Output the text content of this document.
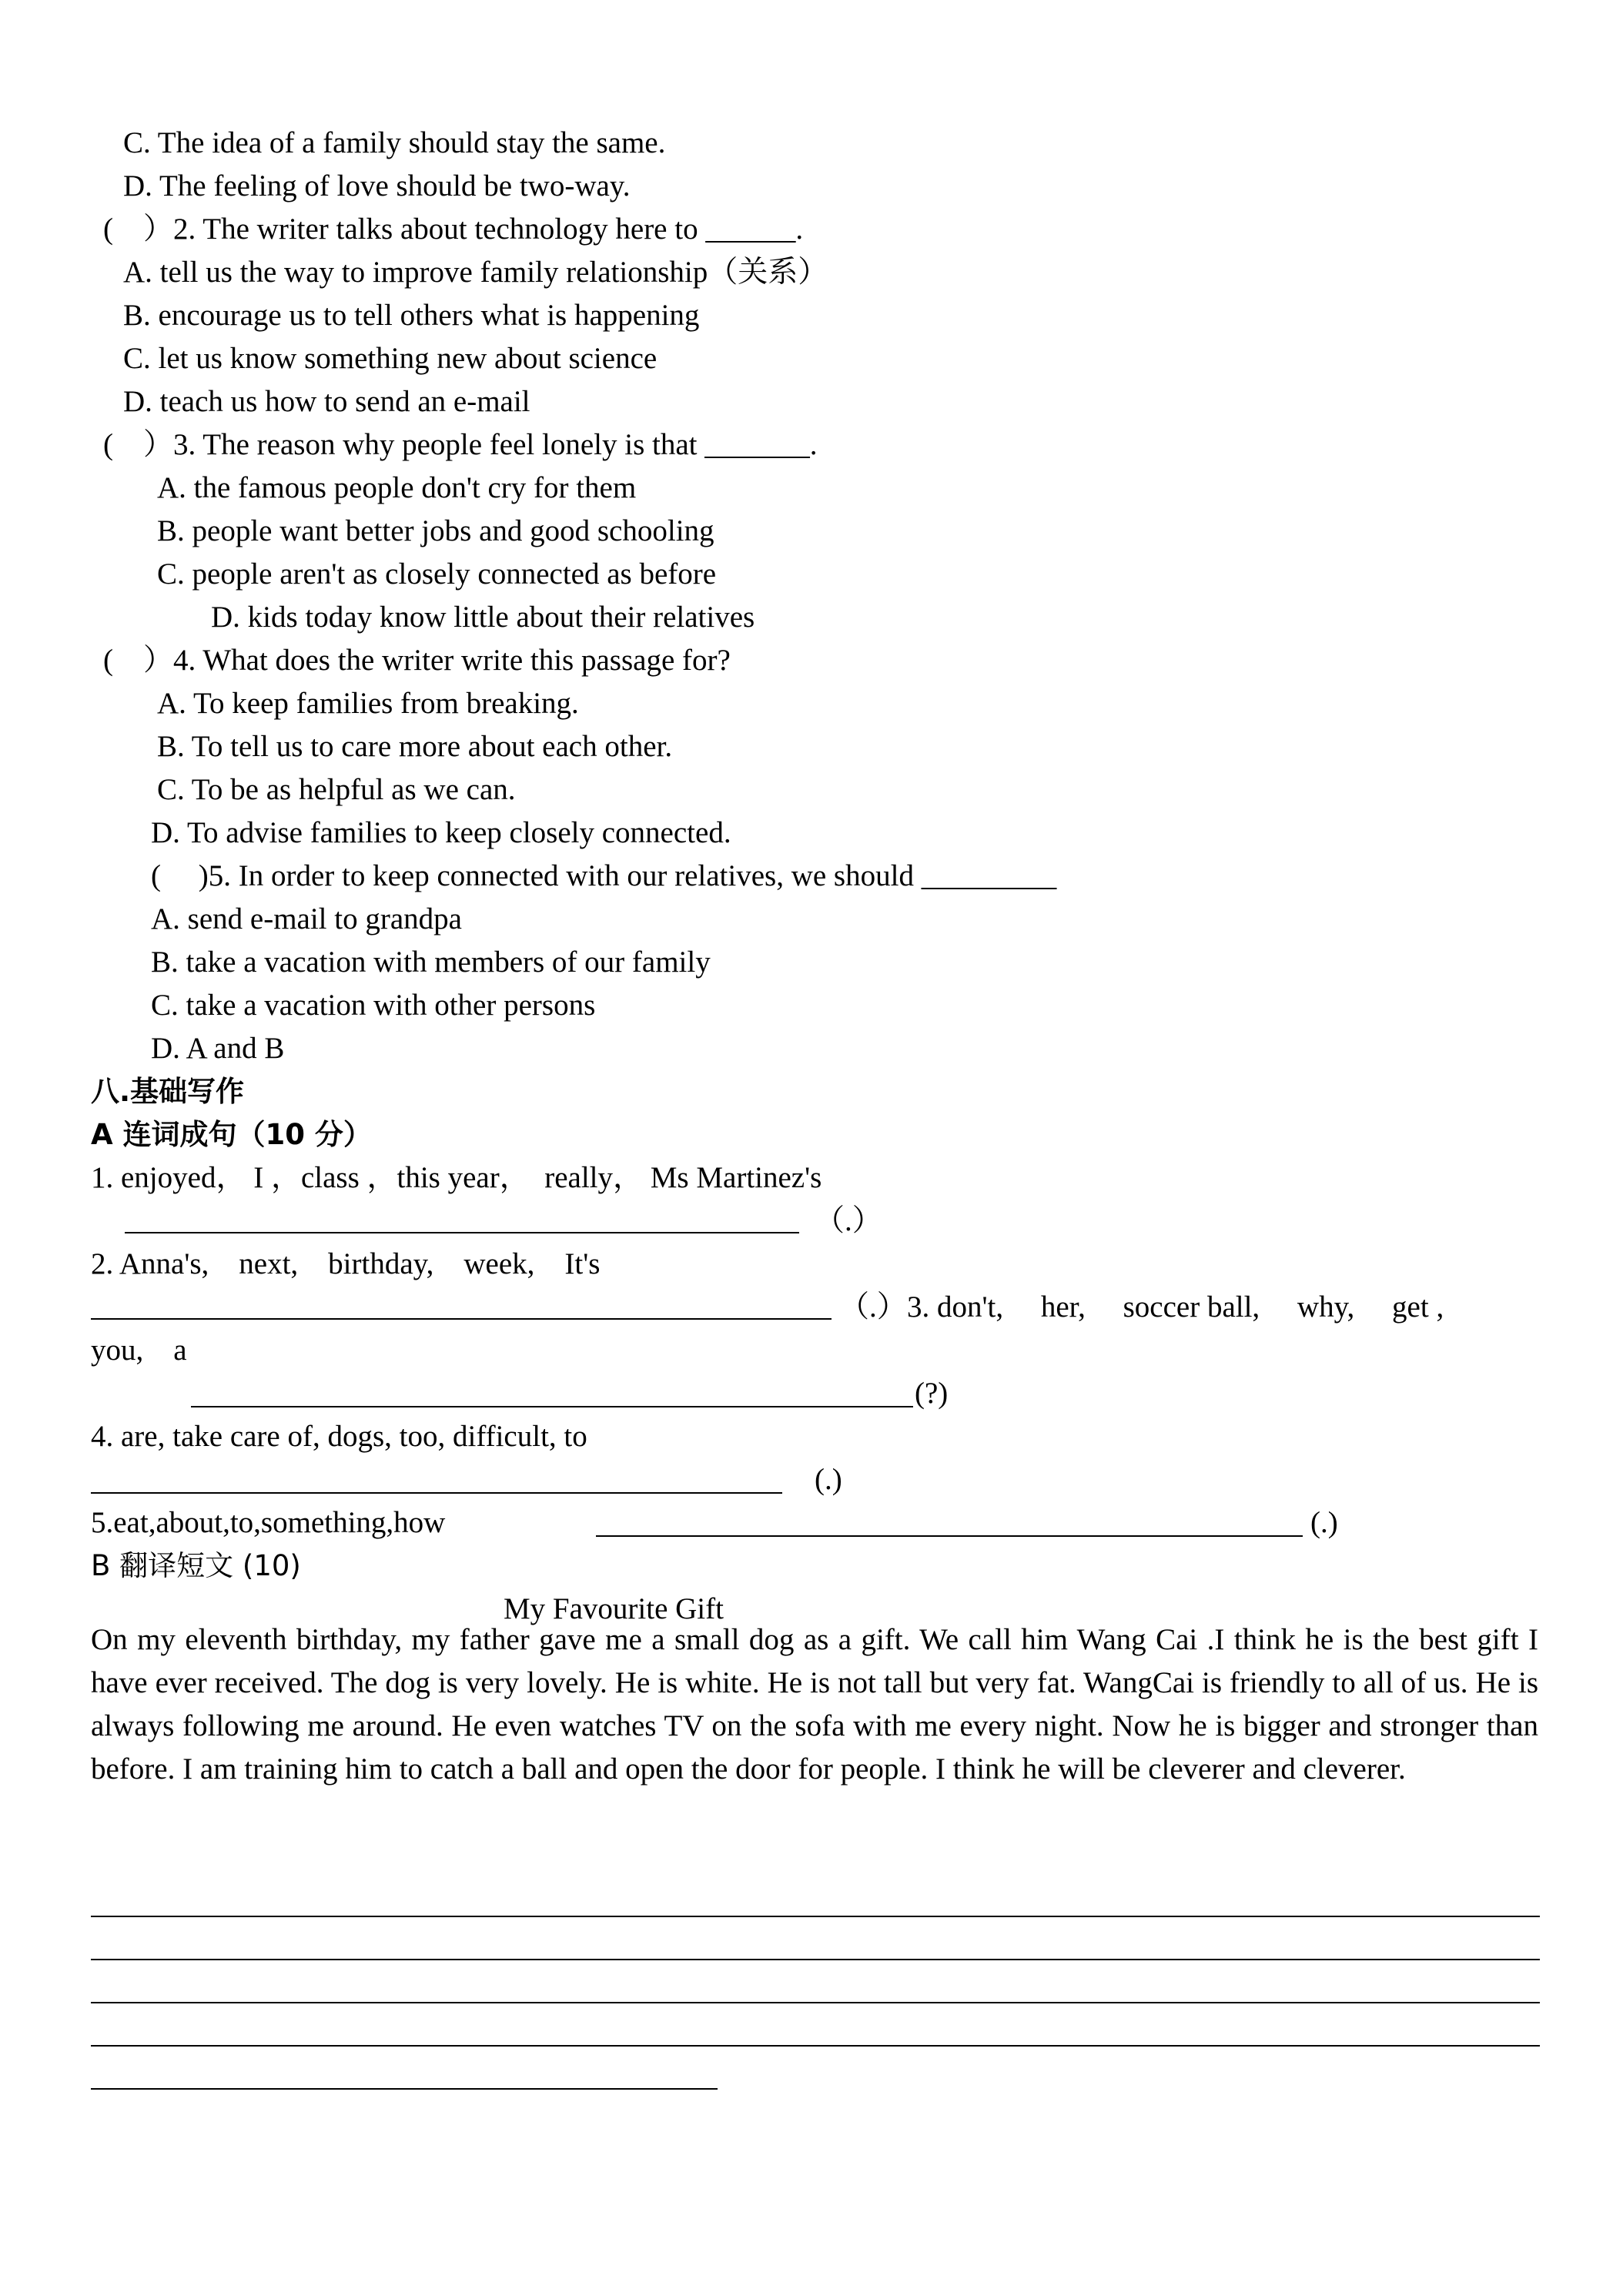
C. The idea of a family should stay the same.
D. The feeling of love should be two-way.
(　）2. The writer talks about technology here to ______.
A. tell us the way to improve family relationship（关系）
B. encourage us to tell others what is happening
C. let us know something new about science
D. teach us how to send an e-mail
(　）3. The reason why people feel lonely is that _______.
A. the famous people don't cry for them
B. people want better jobs and good schooling
C. people aren't as closely connected as before
D. kids today know little about their relatives
(　）4. What does the writer write this passage for?
A. To keep families from breaking.
B. To tell us to care more about each other.
C. To be as helpful as we can.
D. To advise families to keep closely connected.
(　 )5. In order to keep connected with our relatives, we should _________
A. send e-mail to grandpa
B. take a vacation with members of our family
C. take a vacation with other persons
D. A and B
八.基础写作
A 连词成句（10 分）
1. enjoyed， I ，class ，this year，  really， Ms Martinez's
（.）
2. Anna's,    next,    birthday,    week,    It's
（.） 3. don't,     her,     soccer ball,     why,     get ,
you,    a
(?)
4. are, take care of, dogs, too, difficult, to
(.)
5.eat,about,to,something,how	(.)
B 翻译短文 (10)
My Favourite Gift
On my eleventh birthday, my father gave me a small dog as a gift. We call him Wang Cai .I think he is the best gift I have ever received. The dog is very lovely. He is white. He is not tall but very fat. WangCai is friendly to all of us. He is always following me around. He even watches TV on the sofa with me every night. Now he is bigger and stronger than before. I am training him to catch a ball and open the door for people. I think he will be cleverer and cleverer.
